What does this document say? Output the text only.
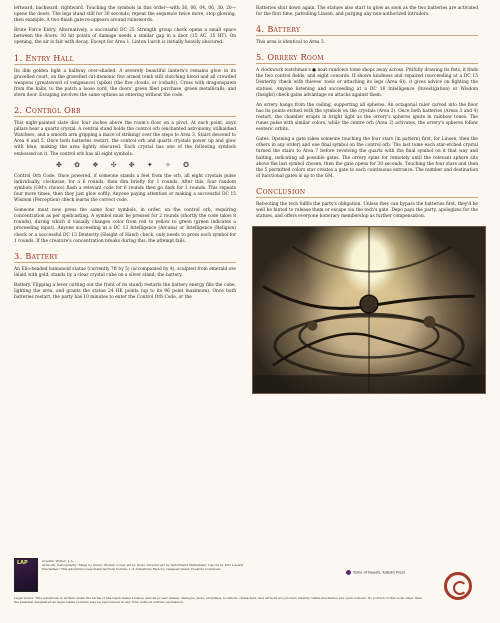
leftward, backward, rightward. Touching the symbols in this order—with 36, 06, 04, 06, 30, 20—opens the doors. The legs stand still for 30 seconds; repeat the sequence twice more, stop glowing, then example. A two-finish gate re-appears around ruinswords.

Brute Force Entry. Alternatively, a successful DC 25 Strength group check opens a small space between the doors. 30 hit points of damage needs a similar gap in a door (15 AC, 15 HT). On opening, the air is fair with decay. Except for Area 1, Linton Lurch is initially heavily obscured.

1. Entry Hall

Its dim golden light a hallway over-shaded. A severely beautiful lantern's remains glow in its gravelled court, on the gravelled cat-demonic five armed tomb still clutching blood and all crowded weapons (greatsword of vengeance) (spike) (the five clouds, or (cobalt)). Cross with dragonspawn from the halls, to the patch a loose cord, the doors' green filed purchase, green metallicalls, and stern door. Escaping involves the same options as entering without the code.

2. Control Orb

This night-painted slate disc four inches above the room's floor on a pivot. At each point, onyx pillars bear a quartz crystal. A central stand holds the control orb (enchanted astronomy, stilkaldied Watchers, and a smooth arm gripping a mace of striking) over the steps to Area 3. Stairs descend to Area 4 and 5. Once both batteries restart, the control orb and quartz crystals power up and glow with blue, making the area lightly obscured. Each crystal has one of the following symbols embossed on it. The control orb has all eight symbols:

✤ ✿ ❖ ✣ ✥ ✦ ✧ ✪

Control Orb Code. Once powered, if someone stands a feet from the orb, all eight crystals pulse individually, clockwise, for a 6 rounds, then dim briefly for 1 rounds. After this, four random symbols (GM's choice) flash a relevant code for 6 rounds then go dark for 1 rounds. This repeats four more times, then they just glow softly. Anyone paying attention or making a successful DC 15 Wisdom (Perception) check learns the correct code.

Someone must now press the same four symbols, in order, on the control orb, requiring concentration as per spellcasting. A symbol must be pressed for 2 rounds (shortly the code takes 8 rounds), during which it visually changes color from red to yellow to green (green indicates a proceeding input). Anyone succeeding at a DC 13 Intelligence (Arcana) or Intelligence (Religion) check or a successful DC 13 Dexterity (Sleight of Hand) check, only needs to press each symbol for 1 rounds. If the creature's concentration breaks during this, the attempt fails.

3. Battery

An Elio-headed humanoid statue (currently 7ft by 5) (accompanied by 4), sculpted from emerald ore inlaid with gold, stands by a clear crystal cube on a silver stand; the battery.

Battery. Flipping a lever (sitting out the front of its stand) restarts the battery energy fills the cube, lighting the area, and grants the statue 24 HK points (up to its 96 point maximum). Once both batteries restart, the party has 10 minutes to enter the Control Orb Code, or the

Batteries shut down again. The statues also start to glow as soon as the two batteries are activated for the first time, patrolling Linsen, and purging any non-authorized intruders.

4. Battery

This area is identical to Area 3.

5. Orrery Room

A clockwork watchman's ● neat-rundown tome shops away across. Pitifully drawing its fists, it finds the two control fields, and eight cowards. If shown kindness and repaired (succeeding at a DC 15 Dexterity check with thieves' tools or attaching its legs (Area 6)), it gives advice on fighting the statues. Anyone listening and succeeding at a DC 16 Intelligence (Investigation) or Wisdom (Insight) check gains advantage on attacks against them.

An orrery hangs from the ceiling, supporting all spheres. An octagonal ruler carved into the floor has its points etched with the symbols on the crystals (Area 2). Once both batteries (Areas 3 and 4) restart, the chamber erupts in bright light as the orrery's spheres ignite in rainbow tones. The runes pulse with similar colors, while the centre orb (Area 2) activates, the orrery's spheres follow esoteric orbits.

Gates. Opening a gate takes someone touching the four stars (in pattern) first, for Linsen, then the others in any order) and one final symbol on the control orb. The last tome each star-etched crystal turned the stairs to Area 7 before revolving the quartz with the final symbol on it that way and halting, indicating all possible gates. The orrery spins for remotely until the relevant sphere sits above the last symbol chosen, then the gate opens for 30 seconds. Touching the four stars and then the 5 permitted colors star creates a gate to each continuous entrance. The number and destination of functional gates is up to the GM.

Conclusion

Rebooting the tech fulfils the party's obligation. Unless they can bypass the batteries first, they'd be well be hinted to release them or escape via the tech's gate. Depo pays the party, apologizes for the statues, and offers everyone honorary membership as further compensation.

LAP	Credits: Writer: J. A. ...
Artwork: Cartography: Maps by Dionic Stoker; Cover art by Dodo; Interior art by Deformand Shimansky; Layout by Eric Layard
Disclaimer: This adventure uses material from Volume 1 of Adventure Factory, released under Creative Commons.
Tome of Beasts, Kobold Press
Legal notice: This adventure is written under the terms of the Open Game License, and all proper names, dialogue, plots, storylines, locations, characters, and artwork are product identity. Game mechanics are open content. No portion of this work other than the material designated as Open Game Content may be reproduced in any form without written permission.
